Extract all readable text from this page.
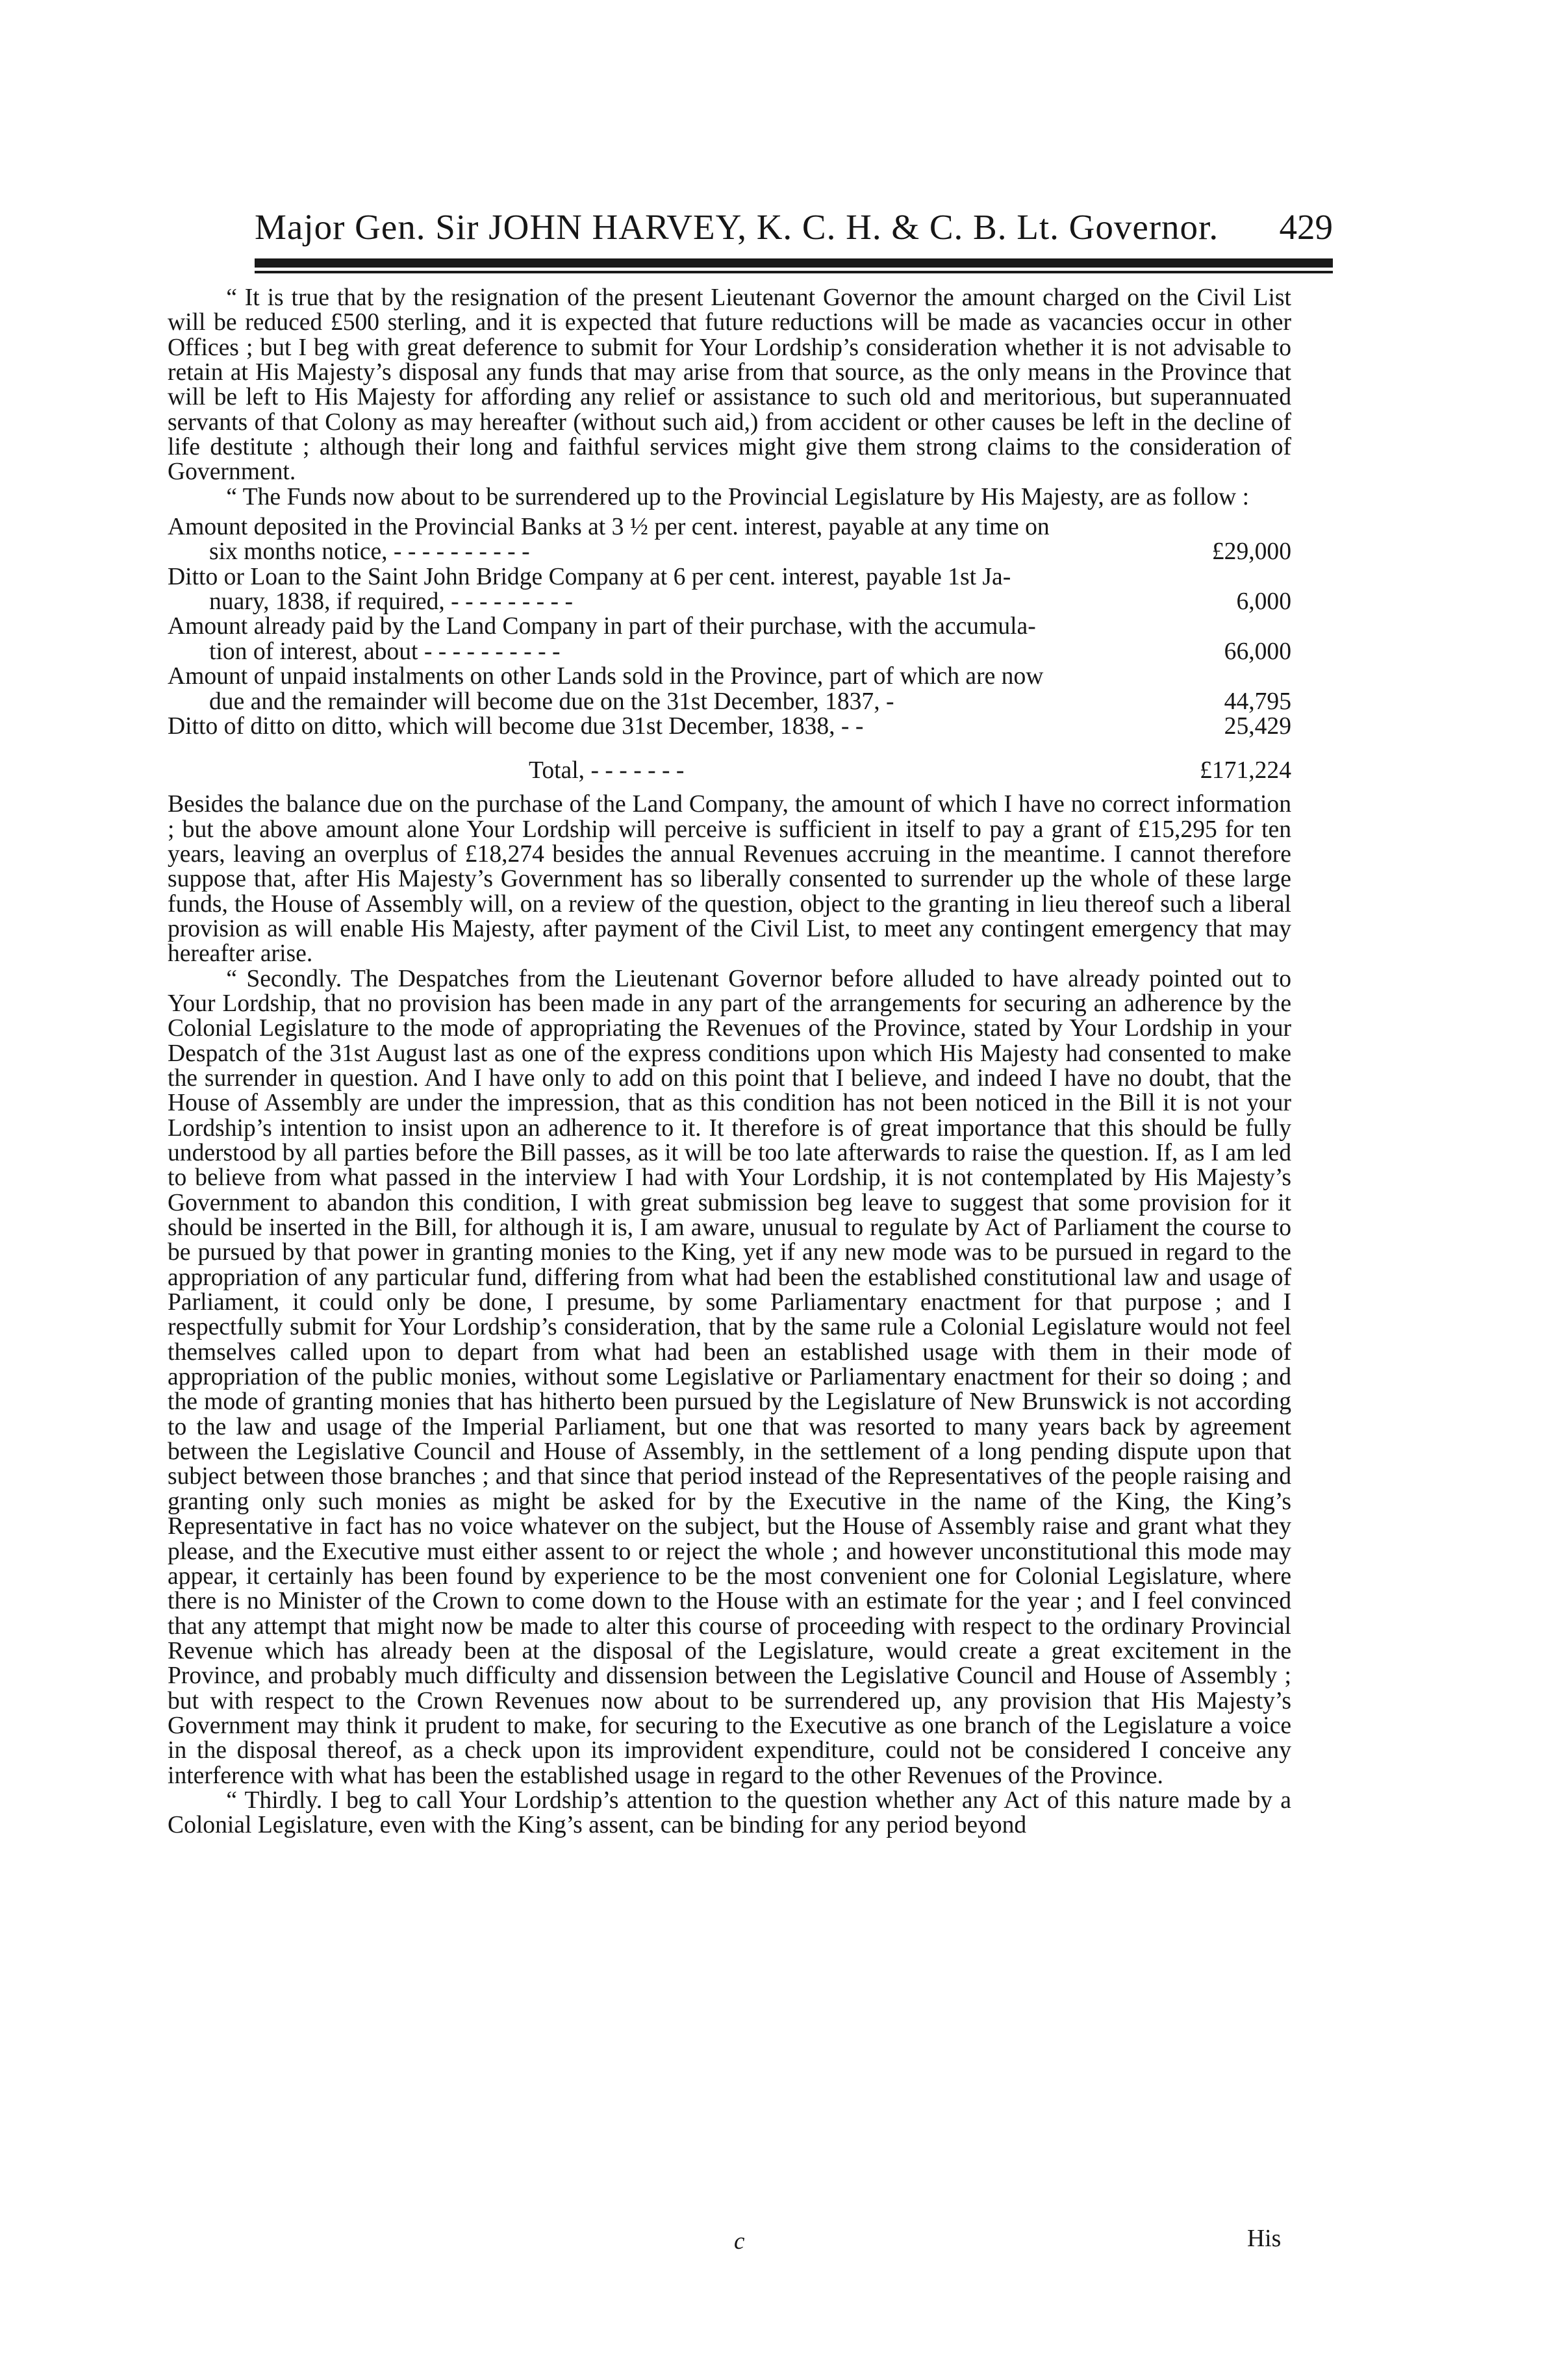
Major Gen. Sir JOHN HARVEY, K. C. H. & C. B. Lt. Governor. 429

“ It is true that by the resignation of the present Lieutenant Governor the amount charged on the Civil List will be reduced £500 sterling, and it is expected that future reductions will be made as vacancies occur in other Offices ; but I beg with great deference to submit for Your Lordship’s consideration whether it is not advisable to retain at His Majesty’s disposal any funds that may arise from that source, as the only means in the Province that will be left to His Majesty for affording any relief or assistance to such old and meritorious, but superannuated servants of that Colony as may hereafter (without such aid,) from accident or other causes be left in the decline of life destitute ; although their long and faithful services might give them strong claims to the consideration of Government.

“ The Funds now about to be surrendered up to the Provincial Legislature by His Majesty, are as follow :

Amount deposited in the Provincial Banks at 3 ½ per cent. interest, payable at any time on
six months notice, - - - - - - - - - -	£29,000
Ditto or Loan to the Saint John Bridge Company at 6 per cent. interest, payable 1st Ja-
nuary, 1838, if required, - - - - - - - - -	6,000
Amount already paid by the Land Company in part of their purchase, with the accumula-
tion of interest, about - - - - - - - - - -	66,000
Amount of unpaid instalments on other Lands sold in the Province, part of which are now
due and the remainder will become due on the 31st December, 1837, -	44,795
Ditto of ditto on ditto, which will become due 31st December, 1838, - -	25,429
Total, - - - - - - -	£171,224

Besides the balance due on the purchase of the Land Company, the amount of which I have no correct information ; but the above amount alone Your Lordship will perceive is sufficient in itself to pay a grant of £15,295 for ten years, leaving an overplus of £18,274 besides the annual Revenues accruing in the meantime. I cannot therefore suppose that, after His Majesty’s Government has so liberally consented to surrender up the whole of these large funds, the House of Assembly will, on a review of the question, object to the granting in lieu thereof such a liberal provision as will enable His Majesty, after payment of the Civil List, to meet any contingent emergency that may hereafter arise.

“ Secondly. The Despatches from the Lieutenant Governor before alluded to have already pointed out to Your Lordship, that no provision has been made in any part of the arrangements for securing an adherence by the Colonial Legislature to the mode of appropriating the Revenues of the Province, stated by Your Lordship in your Despatch of the 31st August last as one of the express conditions upon which His Majesty had consented to make the surrender in question. And I have only to add on this point that I believe, and indeed I have no doubt, that the House of Assembly are under the impression, that as this condition has not been noticed in the Bill it is not your Lordship’s intention to insist upon an adherence to it. It therefore is of great importance that this should be fully understood by all parties before the Bill passes, as it will be too late afterwards to raise the question. If, as I am led to believe from what passed in the interview I had with Your Lordship, it is not contemplated by His Majesty’s Government to abandon this condition, I with great submission beg leave to suggest that some provision for it should be inserted in the Bill, for although it is, I am aware, unusual to regulate by Act of Parliament the course to be pursued by that power in granting monies to the King, yet if any new mode was to be pursued in regard to the appropriation of any particular fund, differing from what had been the established constitutional law and usage of Parliament, it could only be done, I presume, by some Parliamentary enactment for that purpose ; and I respectfully submit for Your Lordship’s consideration, that by the same rule a Colonial Legislature would not feel themselves called upon to depart from what had been an established usage with them in their mode of appropriation of the public monies, without some Legislative or Parliamentary enactment for their so doing ; and the mode of granting monies that has hitherto been pursued by the Legislature of New Brunswick is not according to the law and usage of the Imperial Parliament, but one that was resorted to many years back by agreement between the Legislative Council and House of Assembly, in the settlement of a long pending dispute upon that subject between those branches ; and that since that period instead of the Representatives of the people raising and granting only such monies as might be asked for by the Executive in the name of the King, the King’s Representative in fact has no voice whatever on the subject, but the House of Assembly raise and grant what they please, and the Executive must either assent to or reject the whole ; and however unconstitutional this mode may appear, it certainly has been found by experience to be the most convenient one for Colonial Legislature, where there is no Minister of the Crown to come down to the House with an estimate for the year ; and I feel convinced that any attempt that might now be made to alter this course of proceeding with respect to the ordinary Provincial Revenue which has already been at the disposal of the Legislature, would create a great excitement in the Province, and probably much difficulty and dissension between the Legislative Council and House of Assembly ; but with respect to the Crown Revenues now about to be surrendered up, any provision that His Majesty’s Government may think it prudent to make, for securing to the Executive as one branch of the Legislature a voice in the disposal thereof, as a check upon its improvident expenditure, could not be considered I conceive any interference with what has been the established usage in regard to the other Revenues of the Province.

“ Thirdly. I beg to call Your Lordship’s attention to the question whether any Act of this nature made by a Colonial Legislature, even with the King’s assent, can be binding for any period beyond

c	His
